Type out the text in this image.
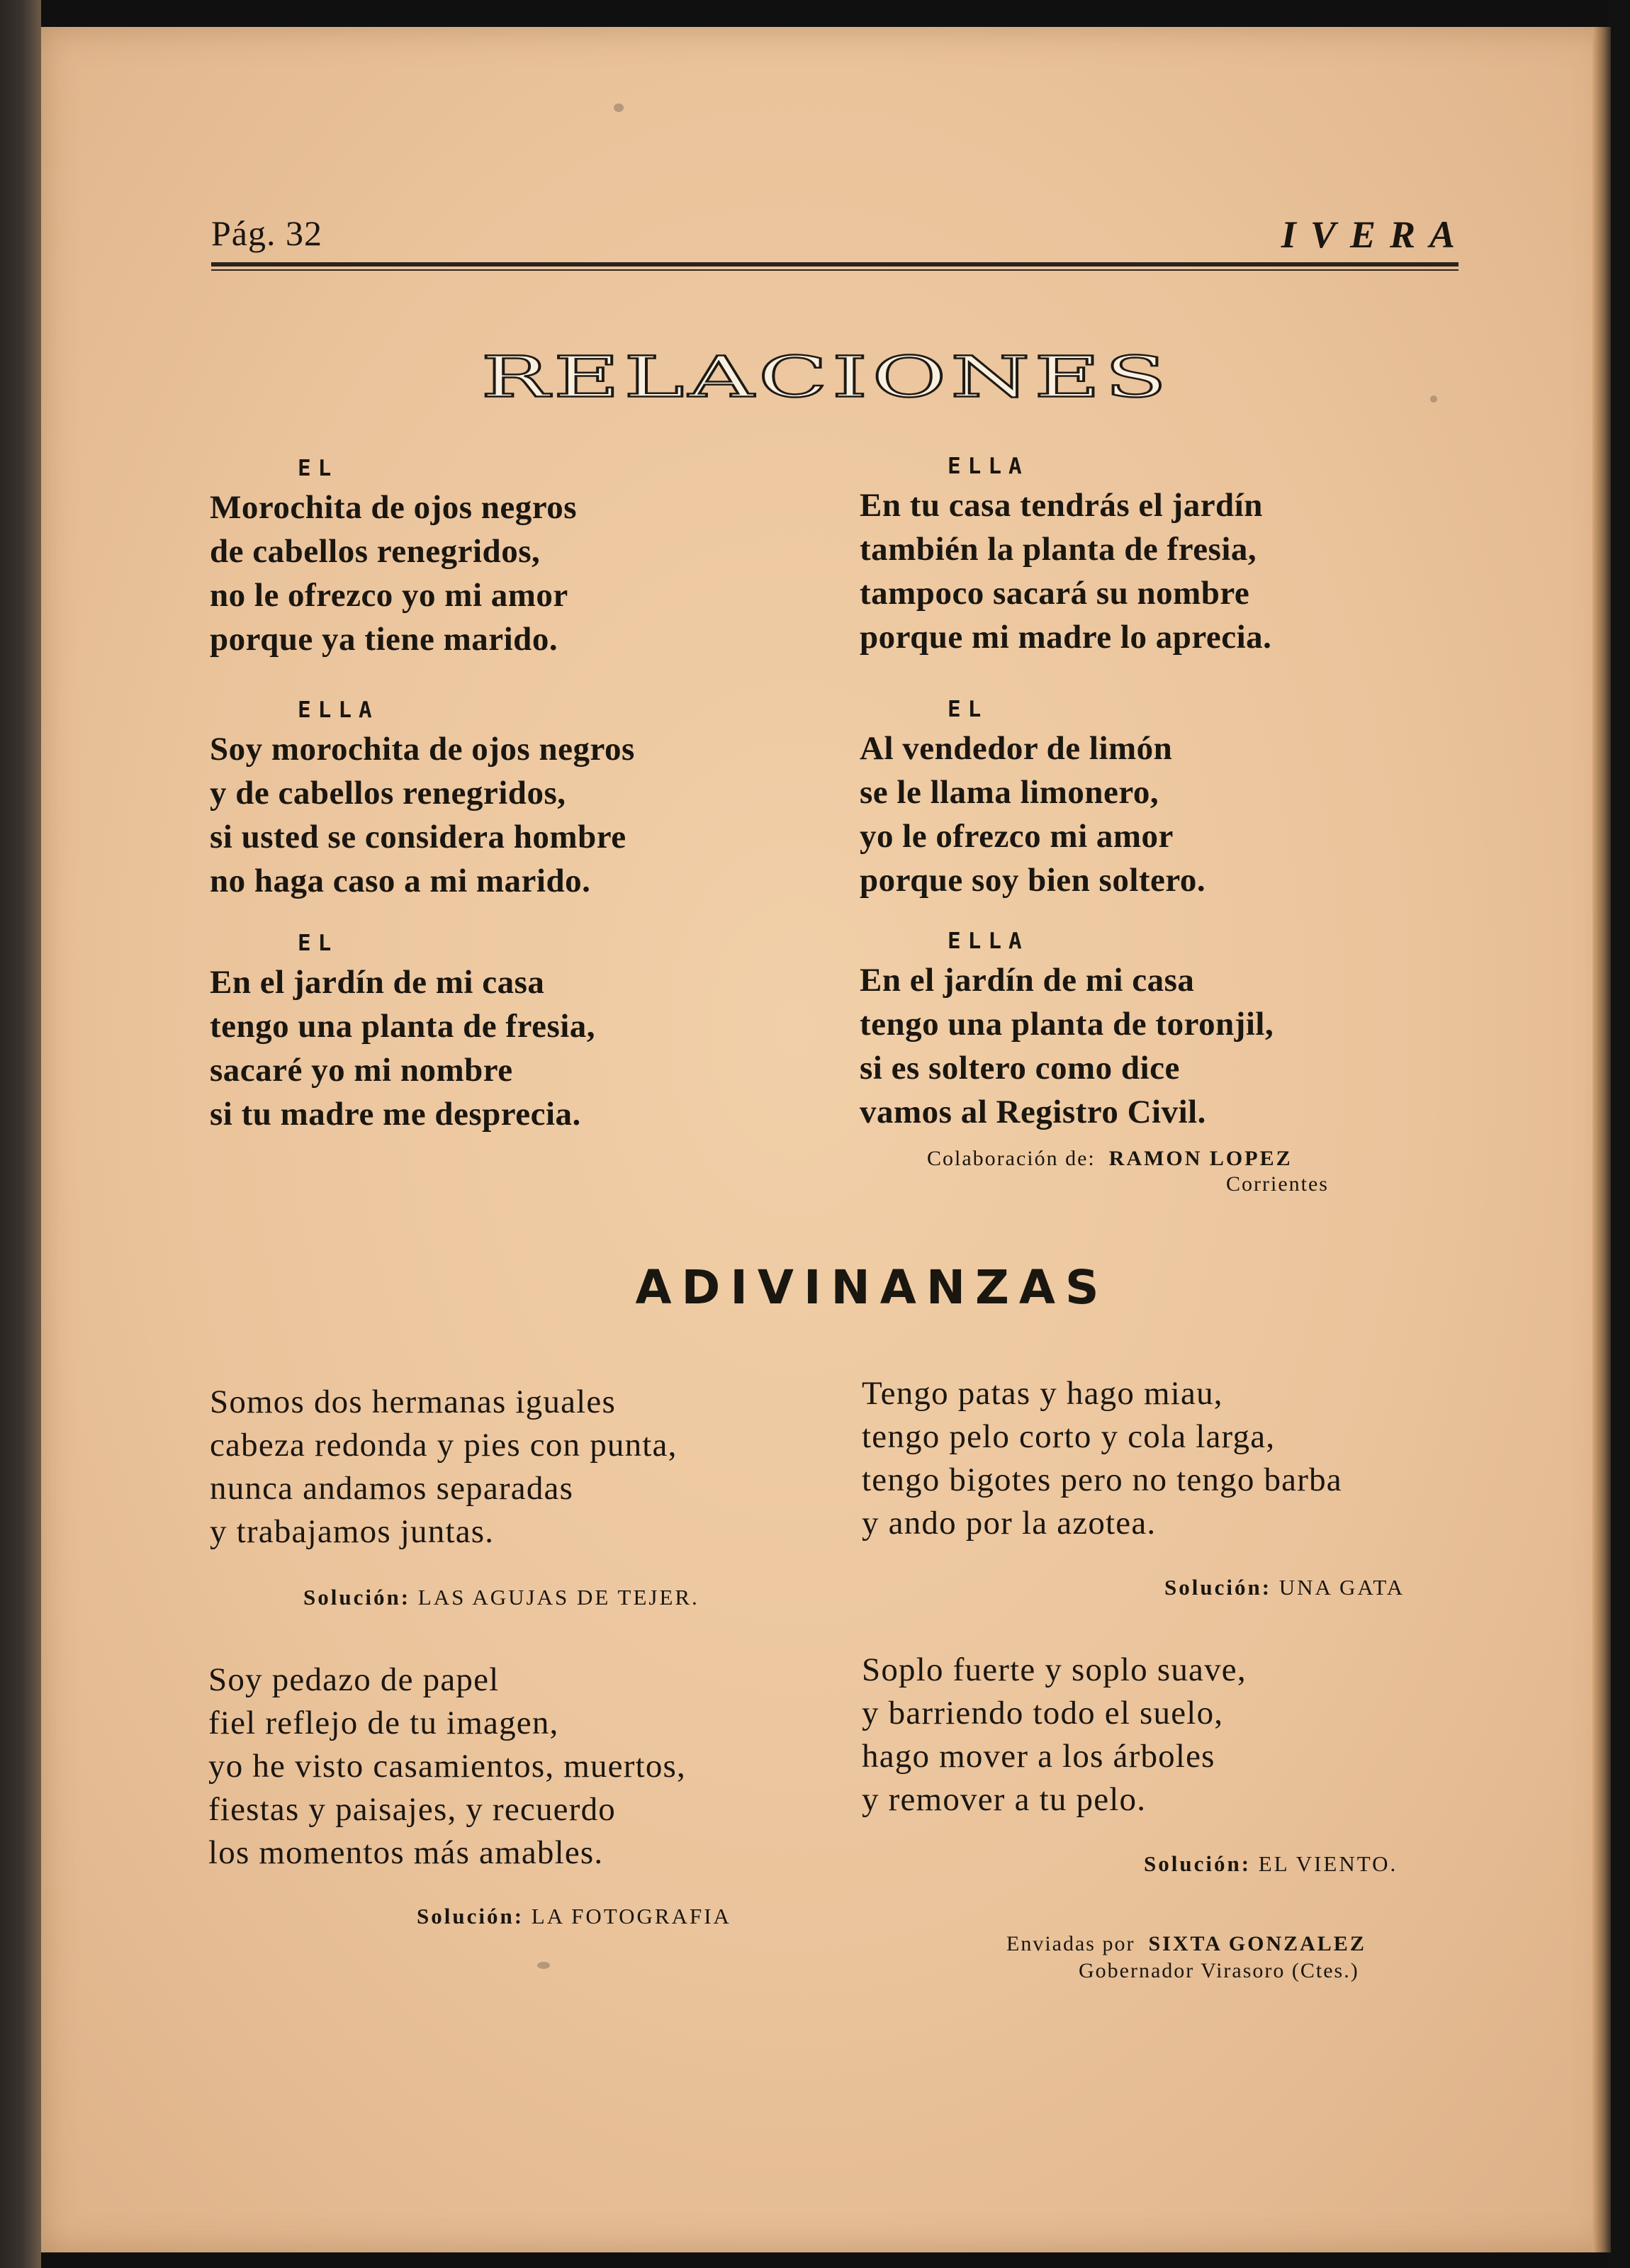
Pág. 32	IVERA
RELACIONES
EL
Morochita de ojos negros
de cabellos renegridos,
no le ofrezco yo mi amor
porque ya tiene marido.
ELLA
Soy morochita de ojos negros
y de cabellos renegridos,
si usted se considera hombre
no haga caso a mi marido.
EL
En el jardín de mi casa
tengo una planta de fresia,
sacaré yo mi nombre
si tu madre me desprecia.
ELLA
En tu casa tendrás el jardín
también la planta de fresia,
tampoco sacará su nombre
porque mi madre lo aprecia.
EL
Al vendedor de limón
se le llama limonero,
yo le ofrezco mi amor
porque soy bien soltero.
ELLA
En el jardín de mi casa
tengo una planta de toronjil,
si es soltero como dice
vamos al Registro Civil.
Colaboración de: RAMON LOPEZ
Corrientes
ADIVINANZAS
Somos dos hermanas iguales
cabeza redonda y pies con punta,
nunca andamos separadas
y trabajamos juntas.
Solución: LAS AGUJAS DE TEJER.
Tengo patas y hago miau,
tengo pelo corto y cola larga,
tengo bigotes pero no tengo barba
y ando por la azotea.
Solución: UNA GATA
Soy pedazo de papel
fiel reflejo de tu imagen,
yo he visto casamientos, muertos,
fiestas y paisajes, y recuerdo
los momentos más amables.
Solución: LA FOTOGRAFIA
Soplo fuerte y soplo suave,
y barriendo todo el suelo,
hago mover a los árboles
y remover a tu pelo.
Solución: EL VIENTO.
Enviadas por SIXTA GONZALEZ
Gobernador Virasoro (Ctes.)
